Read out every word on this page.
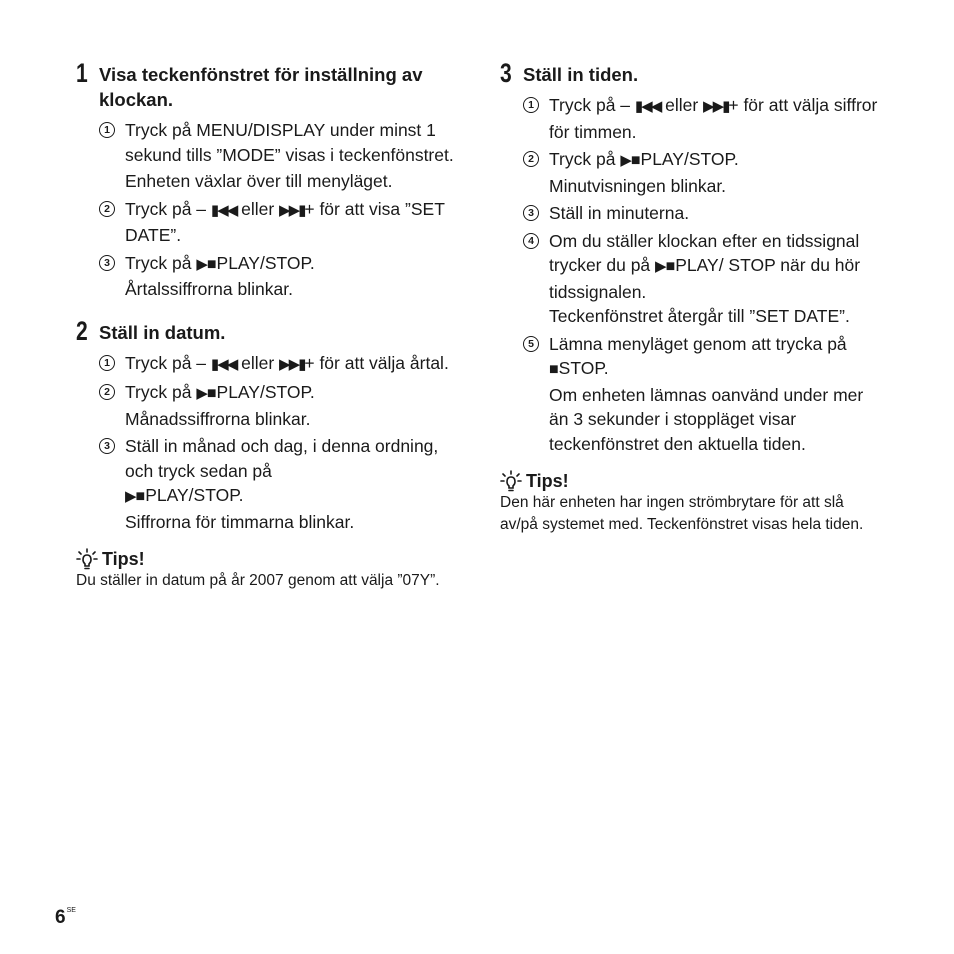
1 Visa teckenfönstret för inställning av klockan.
1 Tryck på MENU/DISPLAY under minst 1 sekund tills ”MODE” visas i teckenfönstret.
Enheten växlar över till menyläget.
2 Tryck på – ▮◀◀ eller ▶▶▮+ för att visa ”SET DATE”.
3 Tryck på ▶■PLAY/STOP.
Årtalssiffrorna blinkar.
2 Ställ in datum.
1 Tryck på – ▮◀◀ eller ▶▶▮+ för att välja årtal.
2 Tryck på ▶■PLAY/STOP.
Månadssiffrorna blinkar.
3 Ställ in månad och dag, i denna ordning, och tryck sedan på
▶■PLAY/STOP.
Siffrorna för timmarna blinkar.
Tips!
Du ställer in datum på år 2007 genom att välja ”07Y”.
3 Ställ in tiden.
1 Tryck på – ▮◀◀ eller ▶▶▮+ för att välja siffror för timmen.
2 Tryck på ▶■PLAY/STOP.
Minutvisningen blinkar.
3 Ställ in minuterna.
4 Om du ställer klockan efter en tidssignal trycker du på ▶■PLAY/ STOP när du hör tidssignalen.
Teckenfönstret återgår till ”SET DATE”.
5 Lämna menyläget genom att trycka på ■STOP.
Om enheten lämnas oanvänd under mer än 3 sekunder i stoppläget visar teckenfönstret den aktuella tiden.
Tips!
Den här enheten har ingen strömbrytare för att slå av/på systemet med. Teckenfönstret visas hela tiden.
$6^{SE}$
